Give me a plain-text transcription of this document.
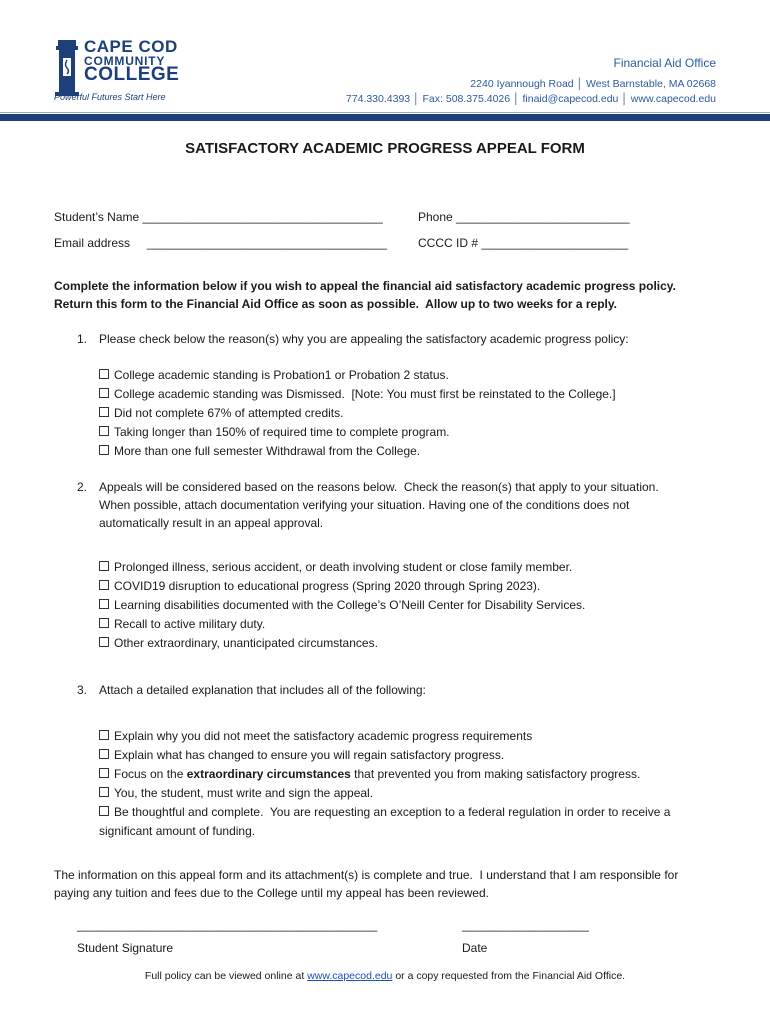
CAPE COD
COMMUNITY
COLLEGE
Powerful Futures Start Here
Financial Aid Office
2240 Iyannough Road │ West Barnstable, MA 02668
774.330.4393 │ Fax: 508.375.4026 │ finaid@capecod.edu │ www.capecod.edu
SATISFACTORY ACADEMIC PROGRESS APPEAL FORM
Student’s Name ____________________________________	Phone __________________________
Email address     ____________________________________	CCCC ID # ______________________
Complete the information below if you wish to appeal the financial aid satisfactory academic progress policy.
Return this form to the Financial Aid Office as soon as possible.  Allow up to two weeks for a reply.
1. Please check below the reason(s) why you are appealing the satisfactory academic progress policy:
College academic standing is Probation1 or Probation 2 status.
College academic standing was Dismissed.  [Note: You must first be reinstated to the College.]
Did not complete 67% of attempted credits.
Taking longer than 150% of required time to complete program.
More than one full semester Withdrawal from the College.
2. Appeals will be considered based on the reasons below.  Check the reason(s) that apply to your situation.
When possible, attach documentation verifying your situation. Having one of the conditions does not
automatically result in an appeal approval.
Prolonged illness, serious accident, or death involving student or close family member.
COVID19 disruption to educational progress (Spring 2020 through Spring 2023).
Learning disabilities documented with the College’s O’Neill Center for Disability Services.
Recall to active military duty.
Other extraordinary, unanticipated circumstances.
3. Attach a detailed explanation that includes all of the following:
Explain why you did not meet the satisfactory academic progress requirements
Explain what has changed to ensure you will regain satisfactory progress.
Focus on the extraordinary circumstances that prevented you from making satisfactory progress.
You, the student, must write and sign the appeal.
Be thoughtful and complete.  You are requesting an exception to a federal regulation in order to receive a
significant amount of funding.
The information on this appeal form and its attachment(s) is complete and true.  I understand that I am responsible for
paying any tuition and fees due to the College until my appeal has been reviewed.
_____________________________________________	___________________
Student Signature	Date
Full policy can be viewed online at www.capecod.edu or a copy requested from the Financial Aid Office.
